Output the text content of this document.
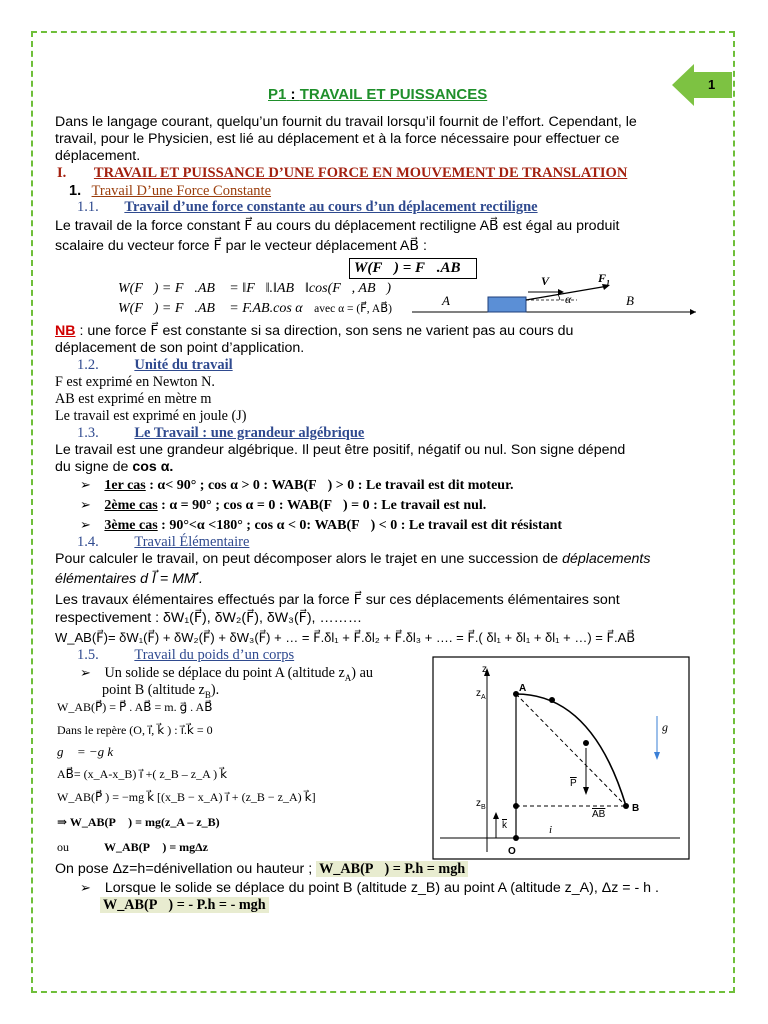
1
P1 : TRAVAIL ET PUISSANCES
Dans le langage courant, quelqu’un fournit du travail lorsqu’il fournit de l’effort. Cependant, le
travail, pour le Physicien, est lié au déplacement et à la force nécessaire pour effectuer ce
déplacement.
I. TRAVAIL ET PUISSANCE D’UNE FORCE EN MOUVEMENT DE TRANSLATION
1. Travail D’une Force Constante
1.1. Travail d’une force constante au cours d’un déplacement rectiligne
Le travail de la force constant F⃗ au cours du déplacement rectiligne AB⃗ est égal au produit
scalaire du vecteur force F⃗ par le vecteur déplacement AB⃗ :
W(F⃗) = F⃗.AB⃗
W(F⃗) = F⃗.AB⃗ = ‖F⃗‖.‖AB⃗‖cos(F⃗, AB⃗)
W(F⃗) = F⃗.AB⃗ = F.AB.cos α avec α = (F⃗, AB⃗)
A	B
V	$F_1$
α
NB : une force F⃗ est constante si sa direction, son sens ne varient pas au cours du
déplacement de son point d’application.
1.2. Unité du travail
F est exprimé en Newton N.
AB est exprimé en mètre m
Le travail est exprimé en joule (J)
1.3. Le Travail : une grandeur algébrique
Le travail est une grandeur algébrique. Il peut être positif, négatif ou nul. Son signe dépend
du signe de cos α.
➢ 1er cas : α< 90° ; cos α > 0 : WAB(F⃗) > 0 : Le travail est dit moteur.
➢ 2ème cas : α = 90° ; cos α = 0 : WAB(F⃗) = 0 : Le travail est nul.
➢ 3ème cas : 90°<α <180° ; cos α < 0: WAB(F⃗) < 0 : Le travail est dit résistant
1.4. Travail Élémentaire
Pour calculer le travail, on peut décomposer alors le trajet en une succession de déplacements
élémentaires d l⃗ = MM′⃗.
Les travaux élémentaires effectués par la force F⃗ sur ces déplacements élémentaires sont
respectivement : δW₁(F⃗), δW₂(F⃗), δW₃(F⃗), ………
W_AB(F⃗)= δW₁(F⃗) + δW₂(F⃗) + δW₃(F⃗) + … = F⃗.δl₁ + F⃗.δl₂ + F⃗.δl₃ + …. = F⃗.( δl₁ + δl₁ + δl₁ + …) = F⃗.AB⃗
1.5. Travail du poids d’un corps
➢ Un solide se déplace du point A (altitude $z_A$) au
point B (altitude $z_B$).
W_AB(P⃗) = P⃗ . AB⃗ = m. g⃗ . AB⃗
Dans le repère (O, i⃗, k⃗ ) : i⃗.k⃗ = 0
g⃗ = −g k⃗
AB⃗= (x_A-x_B) i⃗ +( z_B – z_A ) k⃗
W_AB(P⃗ ) = −mg k⃗ [(x_B − x_A) i⃗ + (z_B − z_A) k⃗]
⇒ W_AB(P⃗ ) = mg(z_A – z_B)
ou	W_AB(P⃗ ) = mgΔz
z
$z_A$
$z_B$
A
B
O
g
$\overline{P}$
$\overline{AB}$
$\overline{k}$	i
On pose Δz=h=dénivellation ou hauteur ; W_AB(P⃗) = P.h = mgh
➢ Lorsque le solide se déplace du point B (altitude z_B) au point A (altitude z_A), Δz = - h .
W_AB(P⃗) = - P.h = - mgh
